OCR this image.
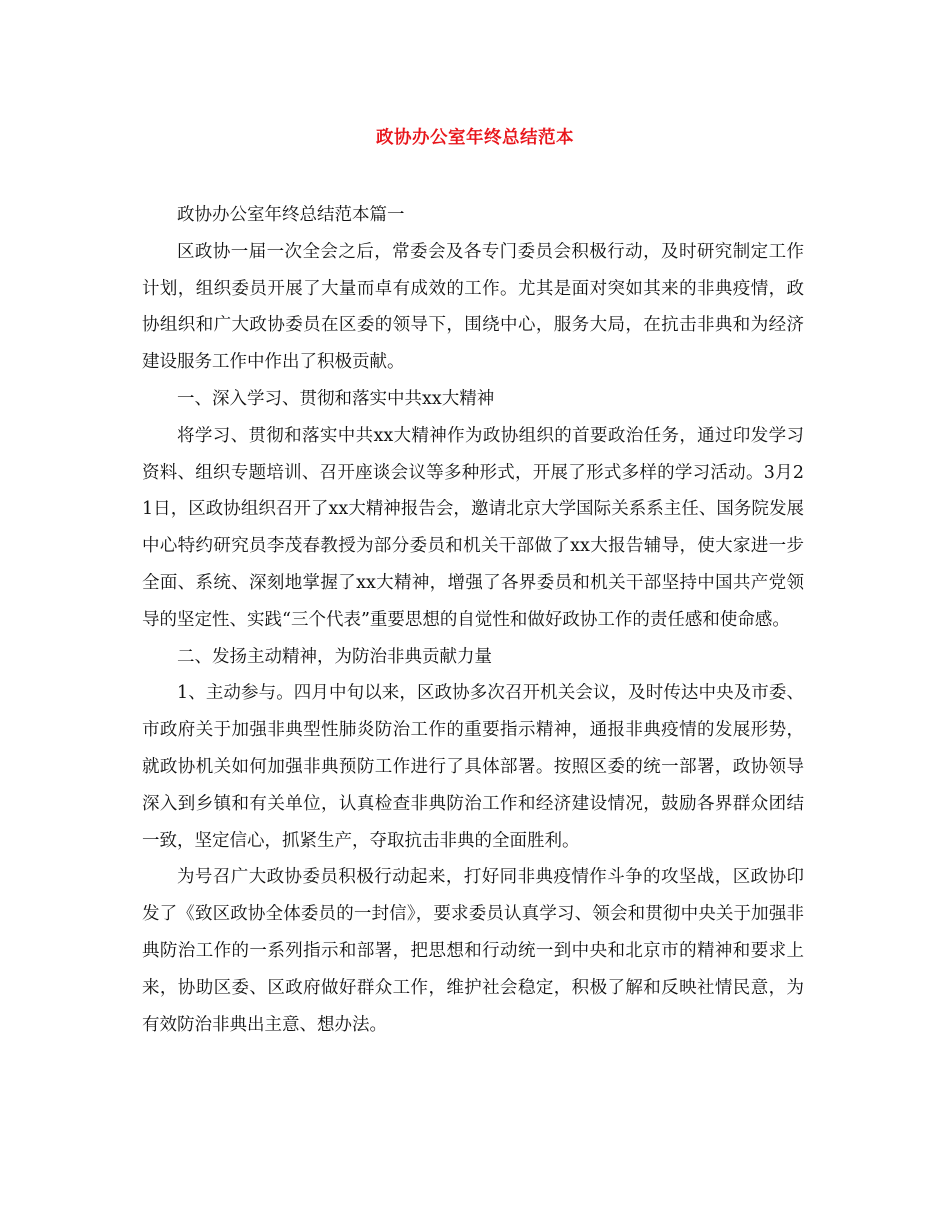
政协办公室年终总结范本

政协办公室年终总结范本篇一

区政协一届一次全会之后，常委会及各专门委员会积极行动，及时研究制定工作计划，组织委员开展了大量而卓有成效的工作。尤其是面对突如其来的非典疫情，政协组织和广大政协委员在区委的领导下，围绕中心，服务大局，在抗击非典和为经济建设服务工作中作出了积极贡献。

一、深入学习、贯彻和落实中共xx大精神

将学习、贯彻和落实中共xx大精神作为政协组织的首要政治任务，通过印发学习资料、组织专题培训、召开座谈会议等多种形式，开展了形式多样的学习活动。3月21日，区政协组织召开了xx大精神报告会，邀请北京大学国际关系系主任、国务院发展中心特约研究员李茂春教授为部分委员和机关干部做了xx大报告辅导，使大家进一步全面、系统、深刻地掌握了xx大精神，增强了各界委员和机关干部坚持中国共产党领导的坚定性、实践“三个代表”重要思想的自觉性和做好政协工作的责任感和使命感。

二、发扬主动精神，为防治非典贡献力量

1、主动参与。四月中旬以来，区政协多次召开机关会议，及时传达中央及市委、市政府关于加强非典型性肺炎防治工作的重要指示精神，通报非典疫情的发展形势，就政协机关如何加强非典预防工作进行了具体部署。按照区委的统一部署，政协领导深入到乡镇和有关单位，认真检查非典防治工作和经济建设情况，鼓励各界群众团结一致，坚定信心，抓紧生产，夺取抗击非典的全面胜利。

为号召广大政协委员积极行动起来，打好同非典疫情作斗争的攻坚战，区政协印发了《致区政协全体委员的一封信》，要求委员认真学习、领会和贯彻中央关于加强非典防治工作的一系列指示和部署，把思想和行动统一到中央和北京市的精神和要求上来，协助区委、区政府做好群众工作，维护社会稳定，积极了解和反映社情民意，为有效防治非典出主意、想办法。
